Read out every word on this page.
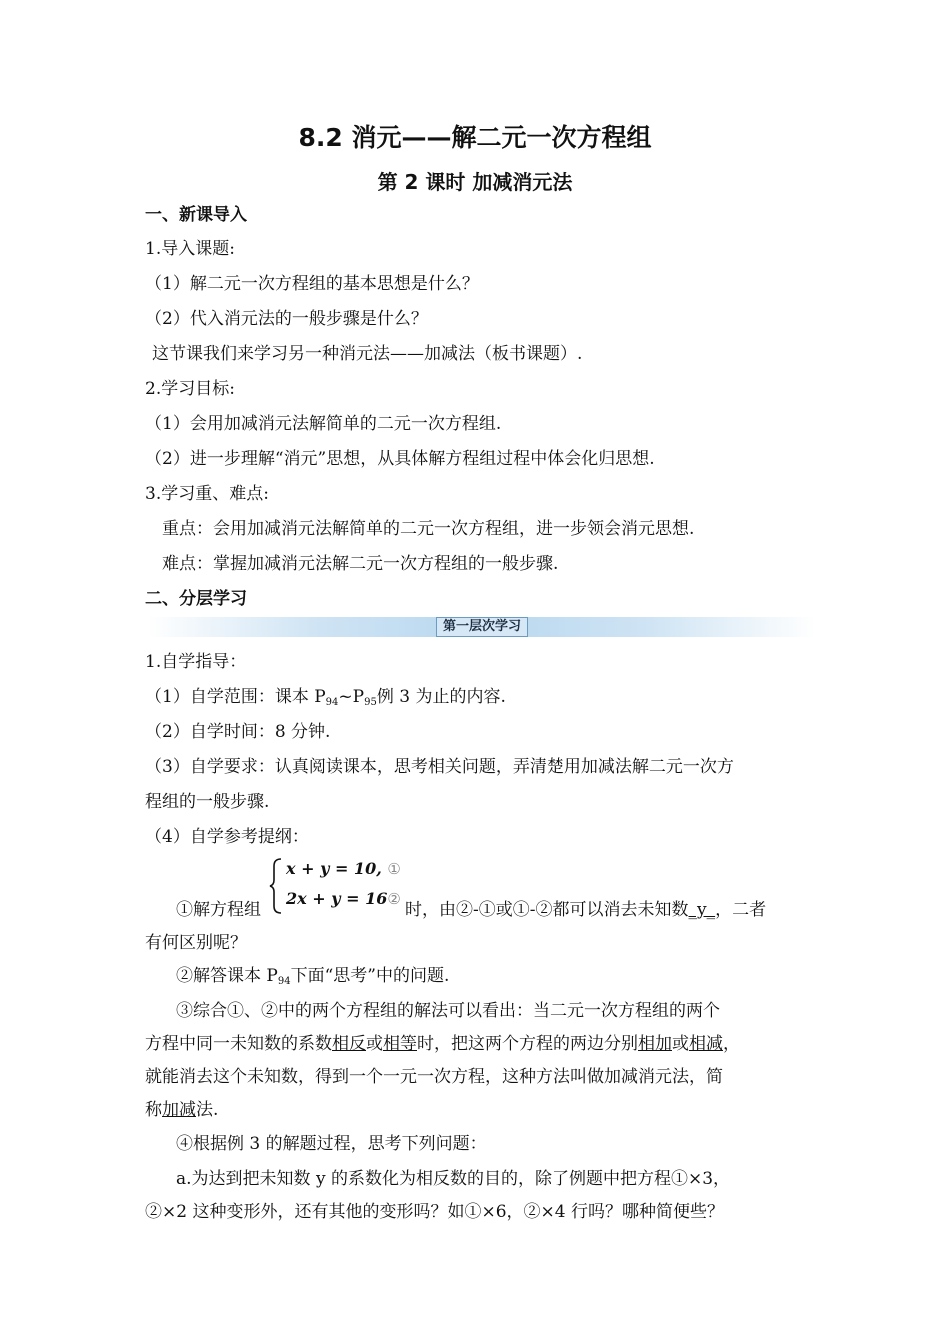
8.2 消元——解二元一次方程组
第 2 课时 加减消元法
一、新课导入
1.导入课题:
（1）解二元一次方程组的基本思想是什么？
（2）代入消元法的一般步骤是什么？
这节课我们来学习另一种消元法——加减法（板书课题）.
2.学习目标:
（1）会用加减消元法解简单的二元一次方程组.
（2）进一步理解“消元”思想，从具体解方程组过程中体会化归思想.
3.学习重、难点:
重点：会用加减消元法解简单的二元一次方程组，进一步领会消元思想.
难点：掌握加减消元法解二元一次方程组的一般步骤.
二、分层学习
第一层次学习
1.自学指导：
（1）自学范围：课本 $P_{94}\sim P_{95}$例 3 为止的内容.
（2）自学时间：8 分钟.
（3）自学要求：认真阅读课本，思考相关问题，弄清楚用加减法解二元一次方
程组的一般步骤.
（4）自学参考提纲：
x + y = 10, ①
2x + y = 16②
①解方程组	时，由②-①或①-②都可以消去未知数_y_，二者
有何区别呢？
②解答课本 $P_{94}$下面“思考”中的问题.
③综合①、②中的两个方程组的解法可以看出：当二元一次方程组的两个
方程中同一未知数的系数相反或相等时，把这两个方程的两边分别相加或相减，
就能消去这个未知数，得到一个一元一次方程，这种方法叫做加减消元法，简
称加减法.
④根据例 3 的解题过程，思考下列问题：
a.为达到把未知数 y 的系数化为相反数的目的，除了例题中把方程①×3，
②×2 这种变形外，还有其他的变形吗？如①×6，②×4 行吗？哪种简便些？
